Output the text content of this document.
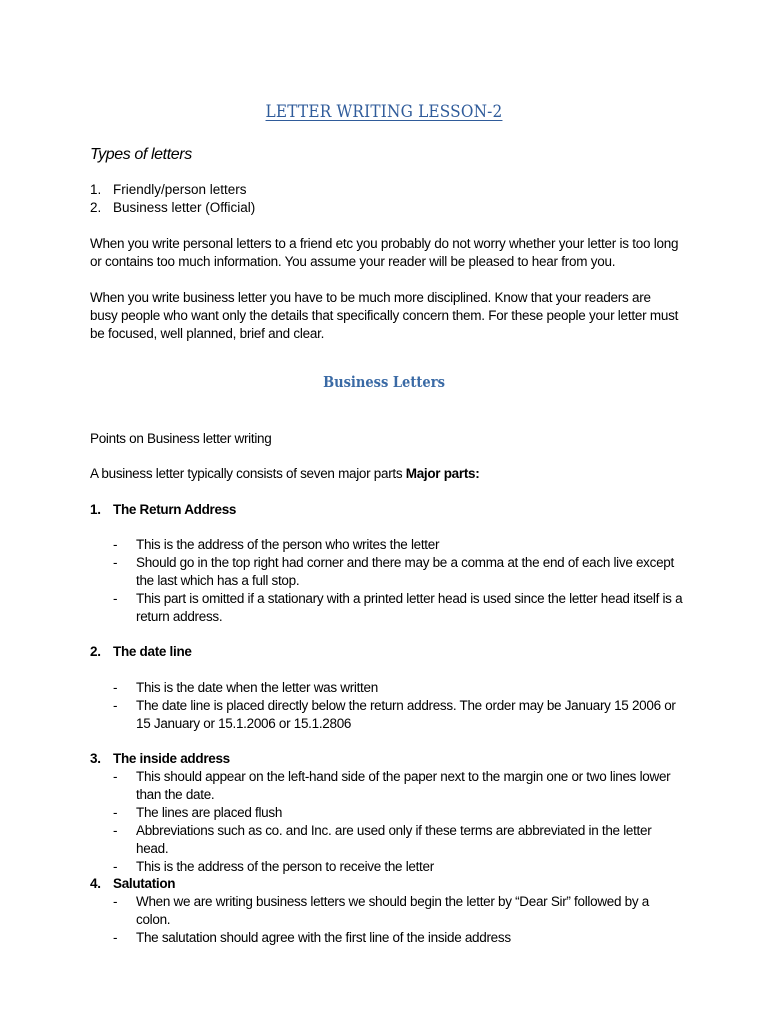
LETTER WRITING LESSON-2
Types of letters
1. Friendly/person letters
2. Business letter (Official)

When you write personal letters to a friend etc you probably do not worry whether your letter is too long or contains too much information. You assume your reader will be pleased to hear from you.

When you write business letter you have to be much more disciplined. Know that your readers are busy people who want only the details that specifically concern them. For these people your letter must be focused, well planned, brief and clear.

Business Letters
Points on Business letter writing
A business letter typically consists of seven major parts Major parts:
1. The Return Address
- This is the address of the person who writes the letter
- Should go in the top right had corner and there may be a comma at the end of each live except the last which has a full stop.
- This part is omitted if a stationary with a printed letter head is used since the letter head itself is a return address.
2. The date line
- This is the date when the letter was written
- The date line is placed directly below the return address. The order may be January 15 2006 or 15 January or 15.1.2006 or 15.1.2806
3. The inside address
- This should appear on the left-hand side of the paper next to the margin one or two lines lower than the date.
- The lines are placed flush
- Abbreviations such as co. and Inc. are used only if these terms are abbreviated in the letter head.
- This is the address of the person to receive the letter
4. Salutation
- When we are writing business letters we should begin the letter by “Dear Sir” followed by a colon.
- The salutation should agree with the first line of the inside address
